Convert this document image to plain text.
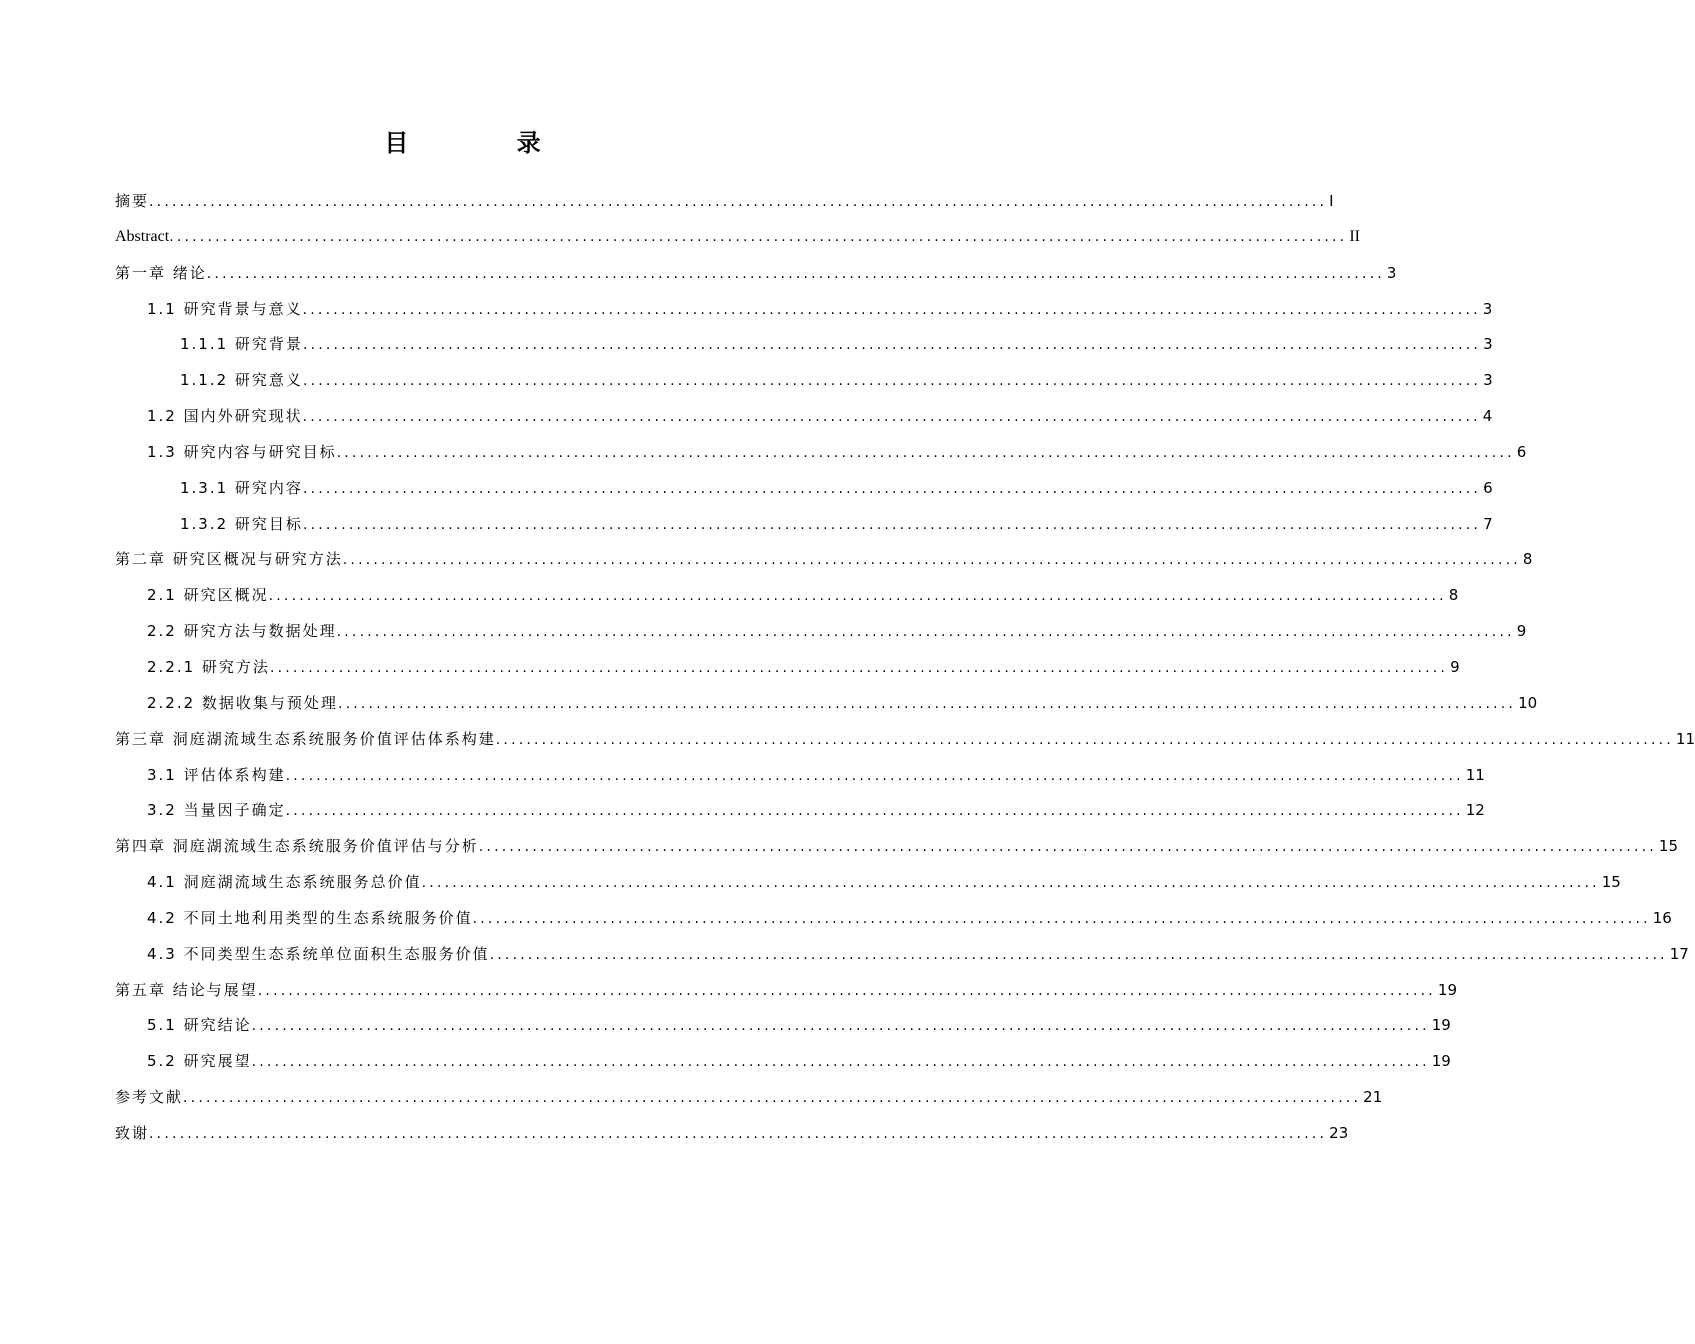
目 录
摘要 .......................................................................................................................................................... I
Abstract .......................................................................................................................................................... II
第一章 绪论 .......................................................................................................................................................... 3
1.1 研究背景与意义 .......................................................................................................................................................... 3
1.1.1 研究背景 .......................................................................................................................................................... 3
1.1.2 研究意义 .......................................................................................................................................................... 3
1.2 国内外研究现状 .......................................................................................................................................................... 4
1.3 研究内容与研究目标 .......................................................................................................................................................... 6
1.3.1 研究内容 .......................................................................................................................................................... 6
1.3.2 研究目标 .......................................................................................................................................................... 7
第二章 研究区概况与研究方法 .......................................................................................................................................................... 8
2.1 研究区概况 .......................................................................................................................................................... 8
2.2 研究方法与数据处理 .......................................................................................................................................................... 9
2.2.1 研究方法 .......................................................................................................................................................... 9
2.2.2 数据收集与预处理 .......................................................................................................................................................... 10
第三章 洞庭湖流域生态系统服务价值评估体系构建 .......................................................................................................................................................... 11
3.1 评估体系构建 .......................................................................................................................................................... 11
3.2 当量因子确定 .......................................................................................................................................................... 12
第四章 洞庭湖流域生态系统服务价值评估与分析 .......................................................................................................................................................... 15
4.1 洞庭湖流域生态系统服务总价值 .......................................................................................................................................................... 15
4.2 不同土地利用类型的生态系统服务价值 .......................................................................................................................................................... 16
4.3 不同类型生态系统单位面积生态服务价值 .......................................................................................................................................................... 17
第五章 结论与展望 .......................................................................................................................................................... 19
5.1 研究结论 .......................................................................................................................................................... 19
5.2 研究展望 .......................................................................................................................................................... 19
参考文献 .......................................................................................................................................................... 21
致谢 .......................................................................................................................................................... 23
